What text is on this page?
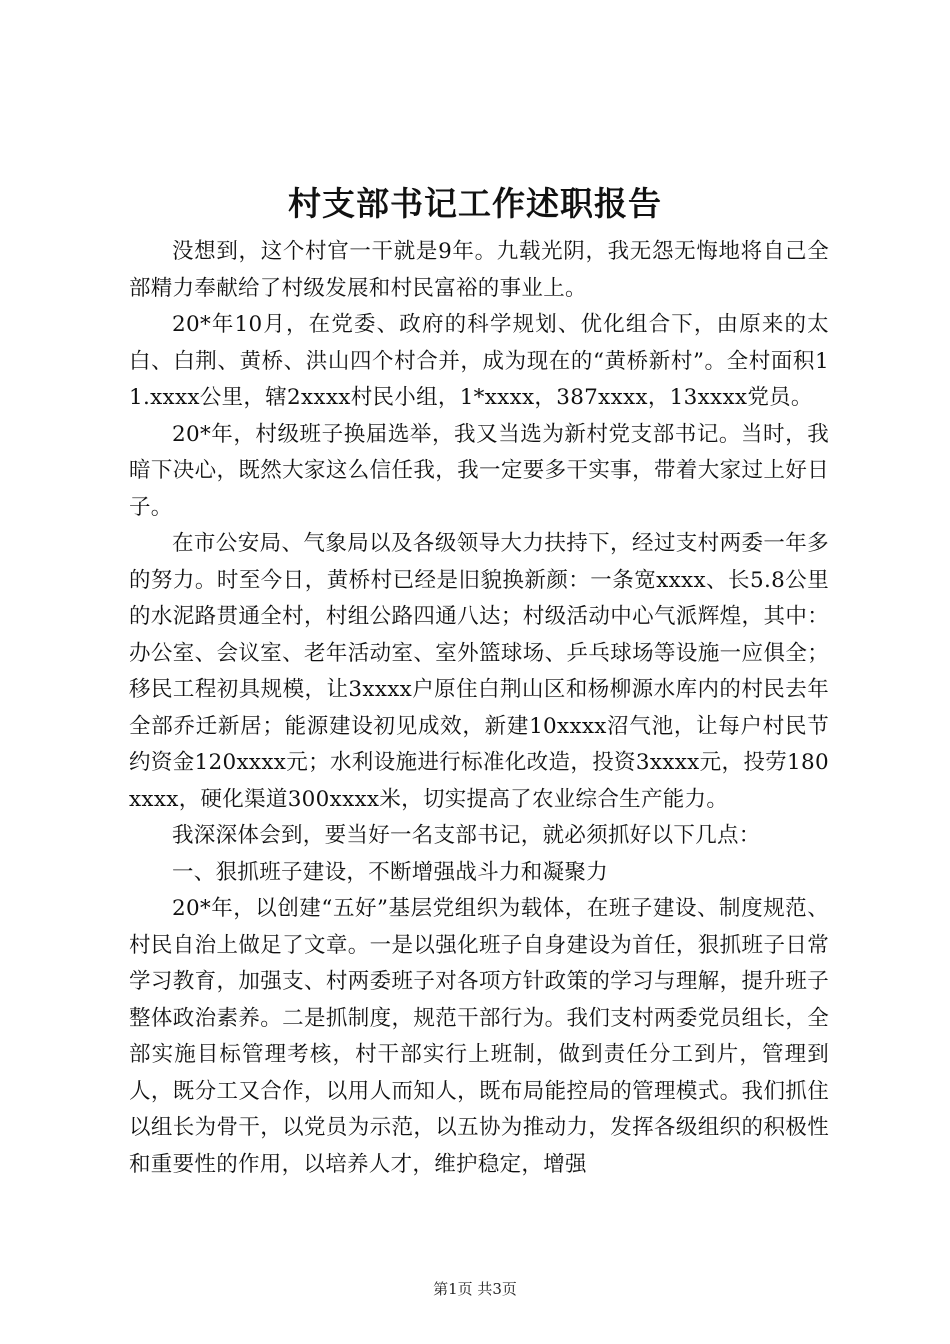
村支部书记工作述职报告

没想到，这个村官一干就是9年。九载光阴，我无怨无悔地将自己全部精力奉献给了村级发展和村民富裕的事业上。

20*年10月，在党委、政府的科学规划、优化组合下，由原来的太白、白荆、黄桥、洪山四个村合并，成为现在的“黄桥新村”。全村面积11.xxxx公里，辖2xxxx村民小组，1*xxxx，387xxxx，13xxxx党员。

20*年，村级班子换届选举，我又当选为新村党支部书记。当时，我暗下决心，既然大家这么信任我，我一定要多干实事，带着大家过上好日子。

在市公安局、气象局以及各级领导大力扶持下，经过支村两委一年多的努力。时至今日，黄桥村已经是旧貌换新颜：一条宽xxxx、长5.8公里的水泥路贯通全村，村组公路四通八达；村级活动中心气派辉煌，其中：办公室、会议室、老年活动室、室外篮球场、乒乓球场等设施一应俱全；移民工程初具规模，让3xxxx户原住白荆山区和杨柳源水库内的村民去年全部乔迁新居；能源建设初见成效，新建10xxxx沼气池，让每户村民节约资金120xxxx元；水利设施进行标准化改造，投资3xxxx元，投劳180xxxx，硬化渠道300xxxx米，切实提高了农业综合生产能力。

我深深体会到，要当好一名支部书记，就必须抓好以下几点：

一、狠抓班子建设，不断增强战斗力和凝聚力

20*年，以创建“五好”基层党组织为载体，在班子建设、制度规范、村民自治上做足了文章。一是以强化班子自身建设为首任，狠抓班子日常学习教育，加强支、村两委班子对各项方针政策的学习与理解，提升班子整体政治素养。二是抓制度，规范干部行为。我们支村两委党员组长，全部实施目标管理考核，村干部实行上班制，做到责任分工到片，管理到人，既分工又合作，以用人而知人，既布局能控局的管理模式。我们抓住以组长为骨干，以党员为示范，以五协为推动力，发挥各级组织的积极性和重要性的作用，以培养人才，维护稳定，增强

第1页 共3页
